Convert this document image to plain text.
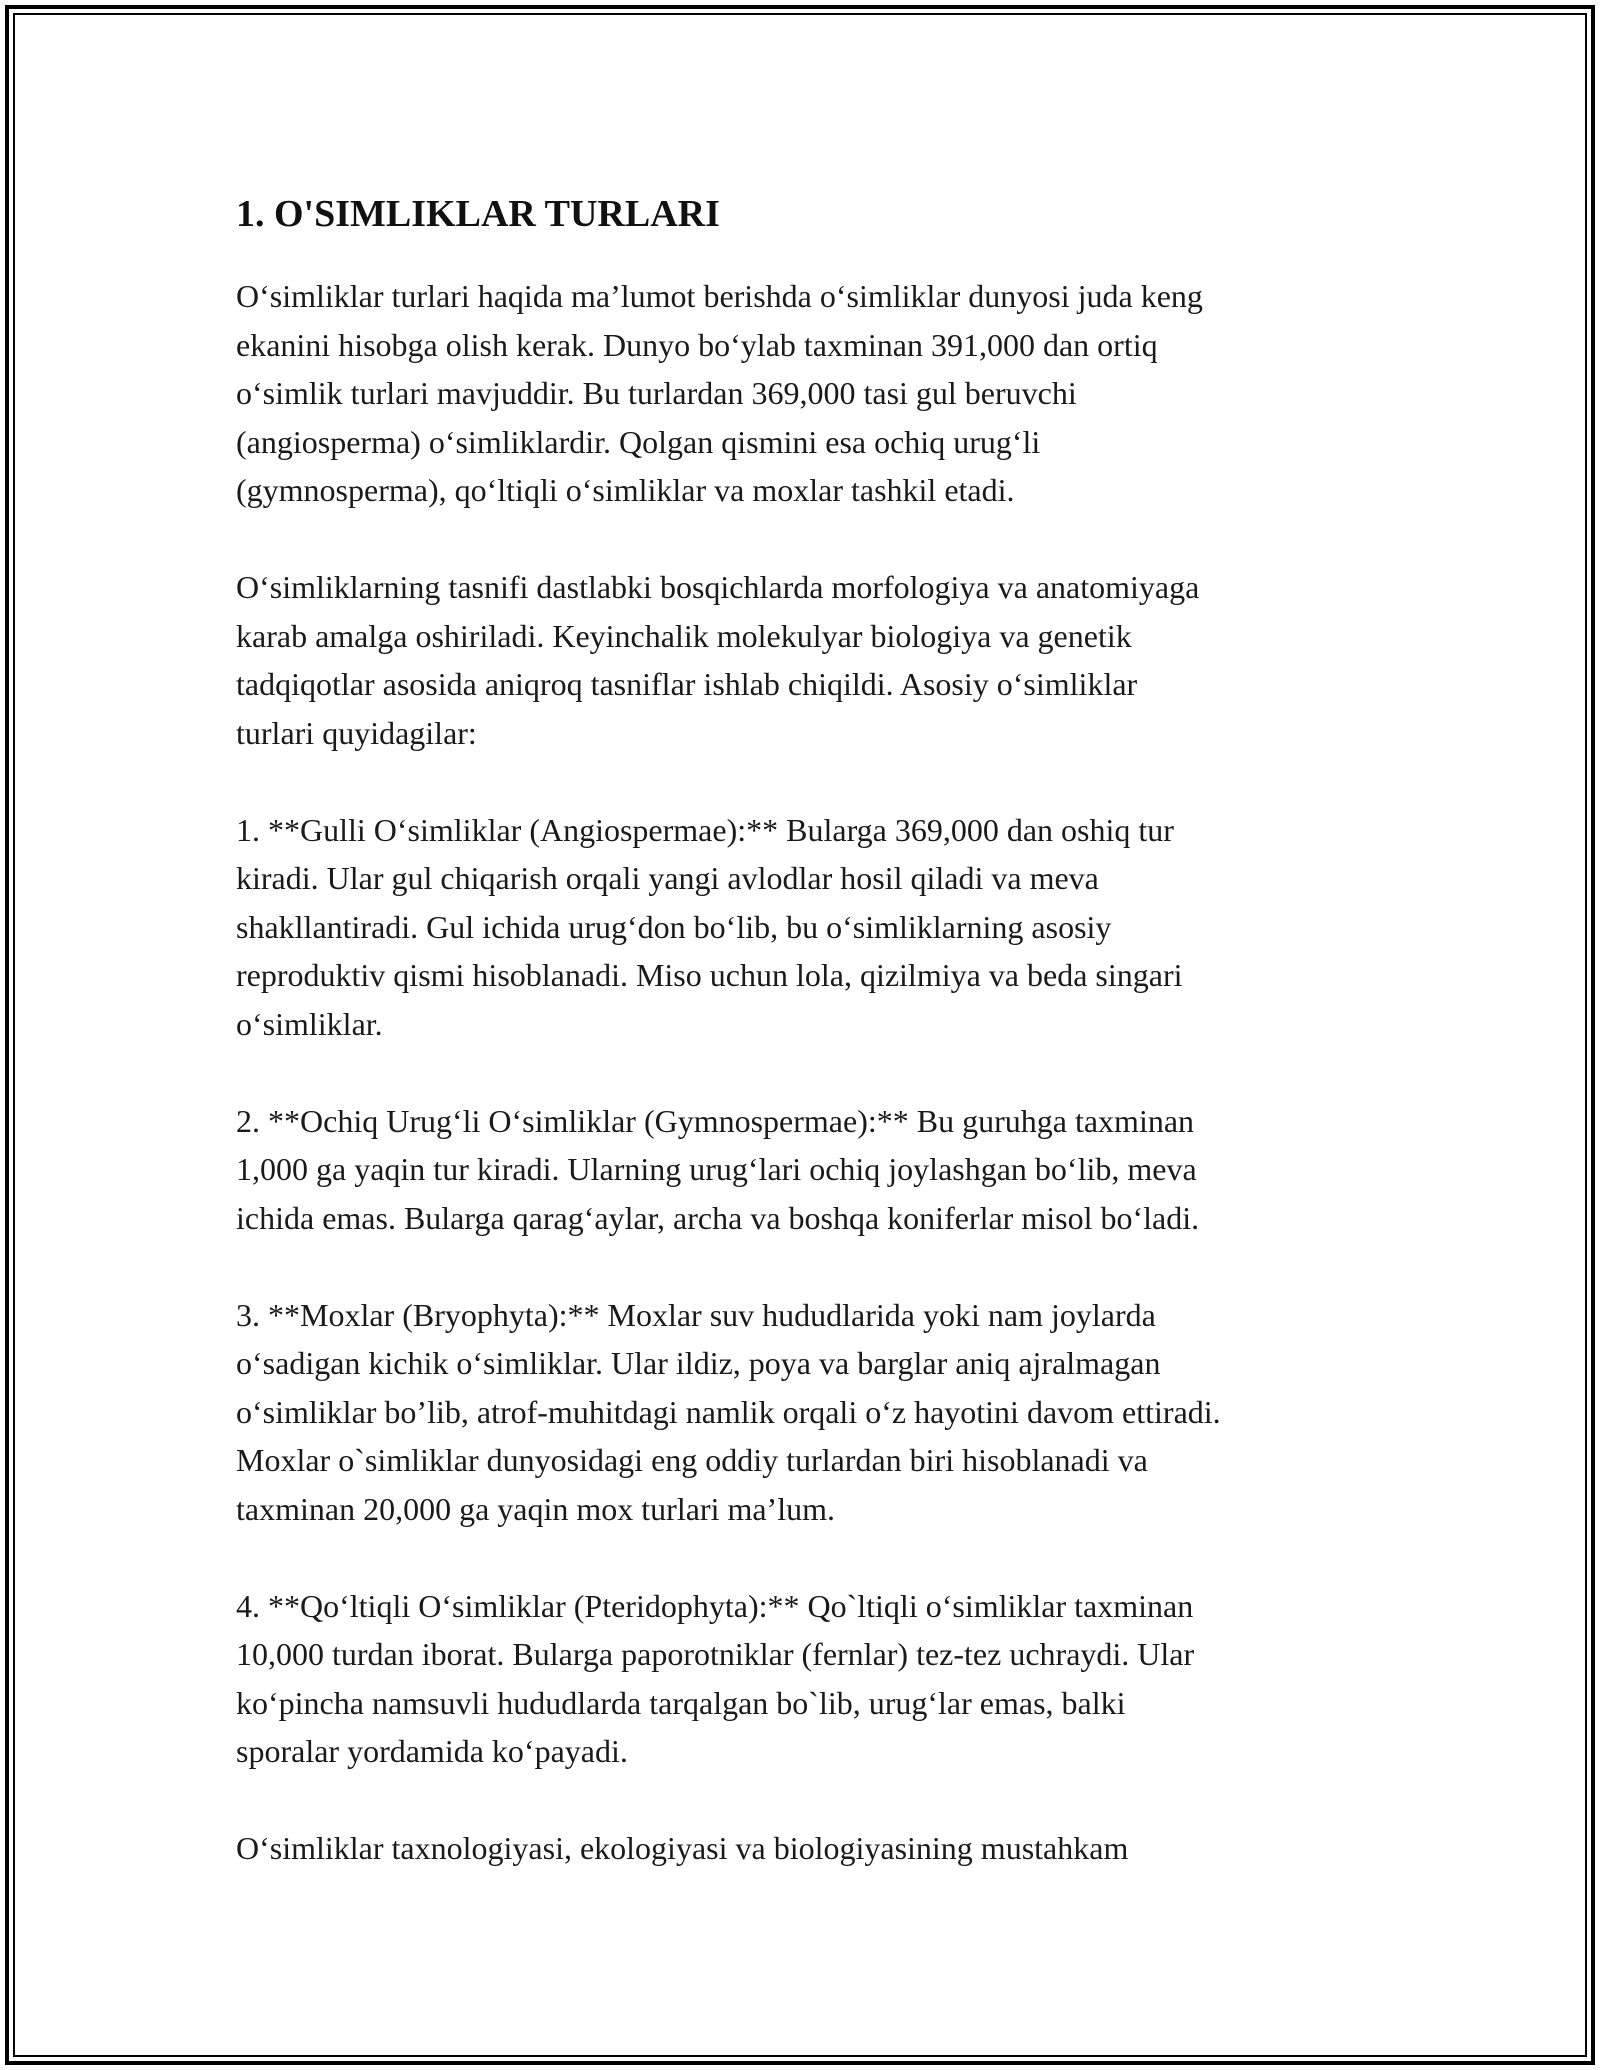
1. O'SIMLIKLAR TURLARI

O‘simliklar turlari haqida ma’lumot berishda o‘simliklar dunyosi juda keng
ekanini hisobga olish kerak. Dunyo bo‘ylab taxminan 391,000 dan ortiq
o‘simlik turlari mavjuddir. Bu turlardan 369,000 tasi gul beruvchi
(angiosperma) o‘simliklardir. Qolgan qismini esa ochiq urug‘li
(gymnosperma), qo‘ltiqli o‘simliklar va moxlar tashkil etadi.

O‘simliklarning tasnifi dastlabki bosqichlarda morfologiya va anatomiyaga
karab amalga oshiriladi. Keyinchalik molekulyar biologiya va genetik
tadqiqotlar asosida aniqroq tasniflar ishlab chiqildi. Asosiy o‘simliklar
turlari quyidagilar:

1. **Gulli O‘simliklar (Angiospermae):** Bularga 369,000 dan oshiq tur
kiradi. Ular gul chiqarish orqali yangi avlodlar hosil qiladi va meva
shakllantiradi. Gul ichida urug‘don bo‘lib, bu o‘simliklarning asosiy
reproduktiv qismi hisoblanadi. Miso uchun lola, qizilmiya va beda singari
o‘simliklar.

2. **Ochiq Urug‘li O‘simliklar (Gymnospermae):** Bu guruhga taxminan
1,000 ga yaqin tur kiradi. Ularning urug‘lari ochiq joylashgan bo‘lib, meva
ichida emas. Bularga qarag‘aylar, archa va boshqa koniferlar misol bo‘ladi.

3. **Moxlar (Bryophyta):** Moxlar suv hududlarida yoki nam joylarda
o‘sadigan kichik o‘simliklar. Ular ildiz, poya va barglar aniq ajralmagan
o‘simliklar bo’lib, atrof-muhitdagi namlik orqali o‘z hayotini davom ettiradi.
Moxlar o`simliklar dunyosidagi eng oddiy turlardan biri hisoblanadi va
taxminan 20,000 ga yaqin mox turlari ma’lum.

4. **Qo‘ltiqli O‘simliklar (Pteridophyta):** Qo`ltiqli o‘simliklar taxminan
10,000 turdan iborat. Bularga paporotniklar (fernlar) tez-tez uchraydi. Ular
ko‘pincha namsuvli hududlarda tarqalgan bo`lib, urug‘lar emas, balki
sporalar yordamida ko‘payadi.

O‘simliklar taxnologiyasi, ekologiyasi va biologiyasining mustahkam
